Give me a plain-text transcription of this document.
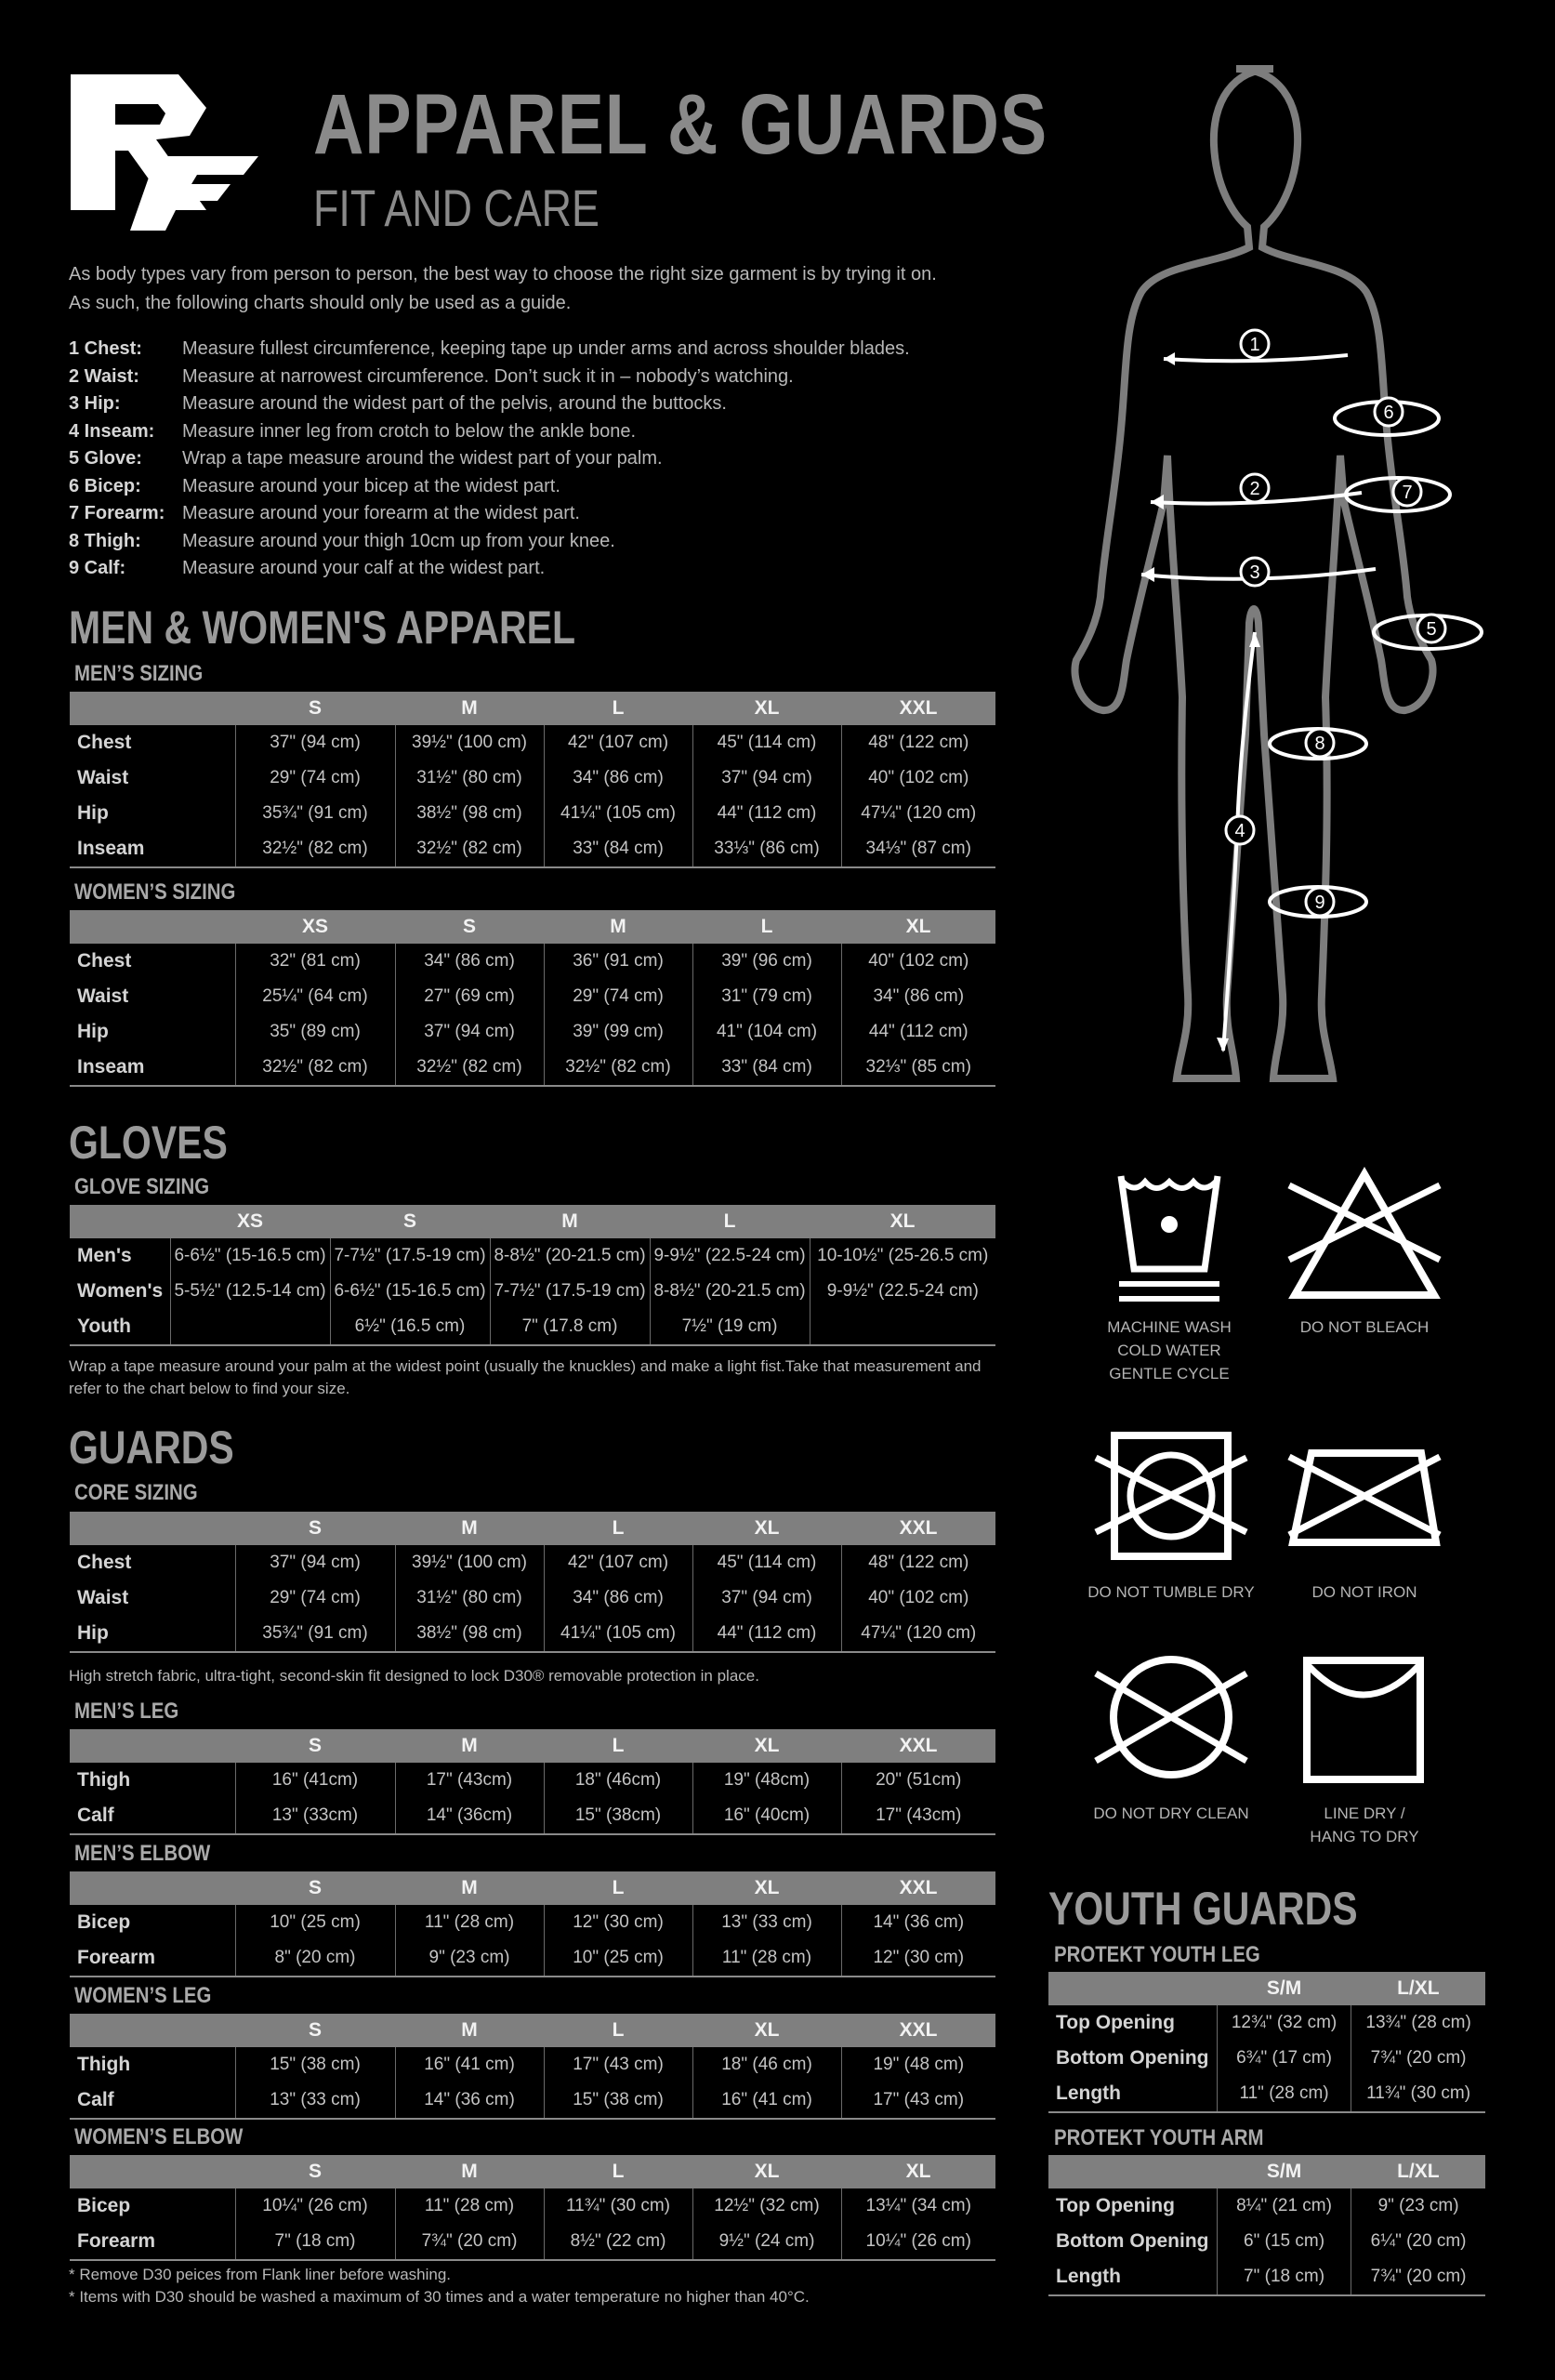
APPAREL & GUARDS
FIT AND CARE
As body types vary from person to person, the best way to choose the right size garment is by trying it on.
As such, the following charts should only be used as a guide.
1 Chest:	Measure fullest circumference, keeping tape up under arms and across shoulder blades.
2 Waist:	Measure at narrowest circumference. Don’t suck it in – nobody’s watching.
3 Hip:	Measure around the widest part of the pelvis, around the buttocks.
4 Inseam:	Measure inner leg from crotch to below the ankle bone.
5 Glove:	Wrap a tape measure around the widest part of your palm.
6 Bicep:	Measure around your bicep at the widest part.
7 Forearm: Measure around your forearm at the widest part.
8 Thigh:	Measure around your thigh 10cm up from your knee.
9 Calf:	Measure around your calf at the widest part.
MEN & WOMEN'S APPAREL
MEN’S SIZING
	S	M	L	XL	XXL
Chest	37" (94 cm)	39½" (100 cm)	42" (107 cm)	45" (114 cm)	48" (122 cm)
Waist	29" (74 cm)	31½" (80 cm)	34" (86 cm)	37" (94 cm)	40" (102 cm)
Hip	35¾" (91 cm)	38½" (98 cm)	41¼" (105 cm)	44" (112 cm)	47¼" (120 cm)
Inseam	32½" (82 cm)	32½" (82 cm)	33" (84 cm)	33⅓" (86 cm)	34⅓" (87 cm)
WOMEN’S SIZING
	XS	S	M	L	XL
Chest	32" (81 cm)	34" (86 cm)	36" (91 cm)	39" (96 cm)	40" (102 cm)
Waist	25¼" (64 cm)	27" (69 cm)	29" (74 cm)	31" (79 cm)	34" (86 cm)
Hip	35" (89 cm)	37" (94 cm)	39" (99 cm)	41" (104 cm)	44" (112 cm)
Inseam	32½" (82 cm)	32½" (82 cm)	32½" (82 cm)	33" (84 cm)	32⅓" (85 cm)
GLOVES
GLOVE SIZING
	XS	S	M	L	XL
Men's	6-6½" (15-16.5 cm)	7-7½" (17.5-19 cm)	8-8½" (20-21.5 cm)	9-9½" (22.5-24 cm)	10-10½" (25-26.5 cm)
Women's	5-5½" (12.5-14 cm)	6-6½" (15-16.5 cm)	7-7½" (17.5-19 cm)	8-8½" (20-21.5 cm)	9-9½" (22.5-24 cm)
Youth		6½" (16.5 cm)	7" (17.8 cm)	7½" (19 cm)	
Wrap a tape measure around your palm at the widest point (usually the knuckles) and make a light fist.Take that measurement and refer to the chart below to find your size.
GUARDS
CORE SIZING
	S	M	L	XL	XXL
Chest	37" (94 cm)	39½" (100 cm)	42" (107 cm)	45" (114 cm)	48" (122 cm)
Waist	29" (74 cm)	31½" (80 cm)	34" (86 cm)	37" (94 cm)	40" (102 cm)
Hip	35¾" (91 cm)	38½" (98 cm)	41¼" (105 cm)	44" (112 cm)	47¼" (120 cm)
High stretch fabric, ultra-tight, second-skin fit designed to lock D30® removable protection in place.
MEN’S LEG
	S	M	L	XL	XXL
Thigh	16" (41cm)	17" (43cm)	18" (46cm)	19" (48cm)	20" (51cm)
Calf	13" (33cm)	14" (36cm)	15" (38cm)	16" (40cm)	17" (43cm)
MEN’S ELBOW
	S	M	L	XL	XXL
Bicep	10" (25 cm)	11" (28 cm)	12" (30 cm)	13" (33 cm)	14" (36 cm)
Forearm	8" (20 cm)	9" (23 cm)	10" (25 cm)	11" (28 cm)	12" (30 cm)
WOMEN’S LEG
	S	M	L	XL	XXL
Thigh	15" (38 cm)	16" (41 cm)	17" (43 cm)	18" (46 cm)	19" (48 cm)
Calf	13" (33 cm)	14" (36 cm)	15" (38 cm)	16" (41 cm)	17" (43 cm)
WOMEN’S ELBOW
	S	M	L	XL	XL
Bicep	10¼" (26 cm)	11" (28 cm)	11¾" (30 cm)	12½" (32 cm)	13¼" (34 cm)
Forearm	7" (18 cm)	7¾" (20 cm)	8½" (22 cm)	9½" (24 cm)	10¼" (26 cm)
* Remove D30 peices from Flank liner before washing.
* Items with D30 should be washed a maximum of 30 times and a water temperature no higher than 40°C.
1
2
3
4
5
6
7
8
9
MACHINE WASH
COLD WATER
GENTLE CYCLE
DO NOT BLEACH
DO NOT TUMBLE DRY	DO NOT IRON
DO NOT DRY CLEAN	LINE DRY /
HANG TO DRY
YOUTH GUARDS
PROTEKT YOUTH LEG
	S/M	L/XL
Top Opening	12¾" (32 cm)	13¾" (28 cm)
Bottom Opening	6¾" (17 cm)	7¾" (20 cm)
Length	11" (28 cm)	11¾" (30 cm)
PROTEKT YOUTH ARM
	S/M	L/XL
Top Opening	8¼" (21 cm)	9" (23 cm)
Bottom Opening	6" (15 cm)	6¼" (20 cm)
Length	7" (18 cm)	7¾" (20 cm)
